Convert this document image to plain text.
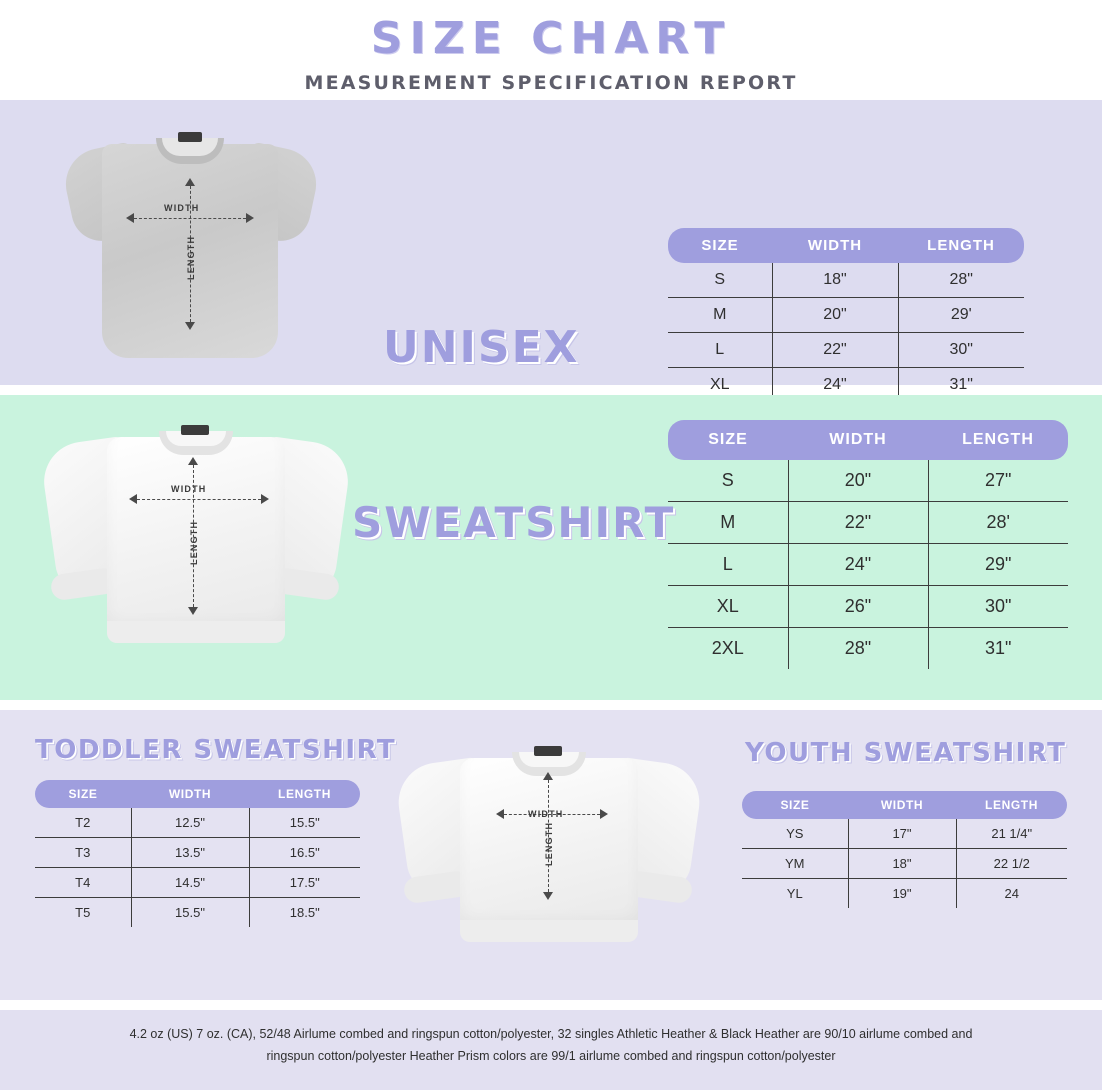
SIZE CHART
MEASUREMENT SPECIFICATION REPORT
WIDTH
LENGTH
UNISEX
SIZE	WIDTH	LENGTH
S	18"	28"
M	20"	29'
L	22"	30"
XL	24"	31"

WIDTH
LENGTH	SWEATSHIRT
SIZE	WIDTH	LENGTH
S	20"	27"
M	22"	28'
L	24"	29"
XL	26"	30"
2XL	28"	31"
TODDLER SWEATSHIRT	YOUTH SWEATSHIRT
WIDTH
LENGTH
SIZE	WIDTH	LENGTH
T2	12.5"	15.5"
T3	13.5"	16.5"
T4	14.5"	17.5"
T5	15.5"	18.5"
SIZE	WIDTH	LENGTH
YS	17"	21 1/4"
YM	18"	22 1/2
YL	19"	24
4.2 oz (US) 7 oz. (CA), 52/48 Airlume combed and ringspun cotton/polyester, 32 singles Athletic Heather & Black Heather are 90/10 airlume combed and
ringspun cotton/polyester Heather Prism colors are 99/1 airlume combed and ringspun cotton/polyester
